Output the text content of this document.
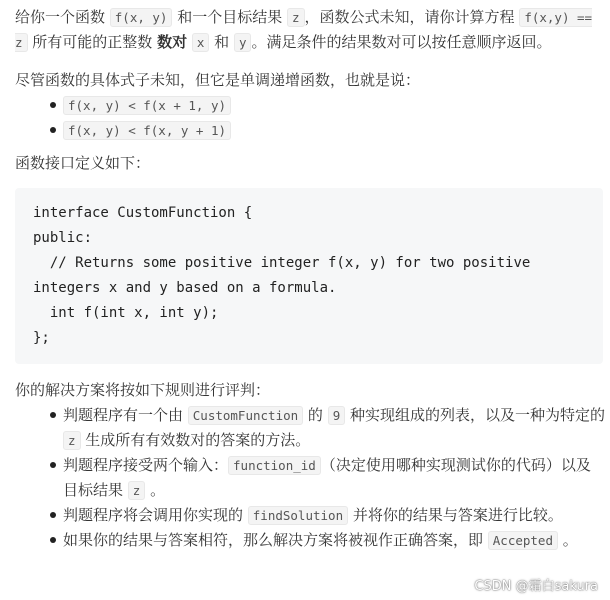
给你一个函数 f(x, y) 和一个目标结果 z ，函数公式未知，请你计算方程 f(x,y) == z 所有可能的正整数 数对 x 和 y 。满足条件的结果数对可以按任意顺序返回。

尽管函数的具体式子未知，但它是单调递增函数，也就是说：

f(x, y) < f(x + 1, y)
f(x, y) < f(x, y + 1)

函数接口定义如下：

interface CustomFunction {
public:
// Returns some positive integer f(x, y) for two positive integers x and y based on a formula.
int f(int x, int y);
};

你的解决方案将按如下规则进行评判：

判题程序有一个由 CustomFunction 的 9 种实现组成的列表，以及一种为特定的 z 生成所有有效数对的答案的方法。
判题程序接受两个输入： function_id （决定使用哪种实现测试你的代码）以及目标结果 z 。
判题程序将会调用你实现的 findSolution 并将你的结果与答案进行比较。
如果你的结果与答案相符，那么解决方案将被视作正确答案，即 Accepted 。
CSDN @霜白sakura
